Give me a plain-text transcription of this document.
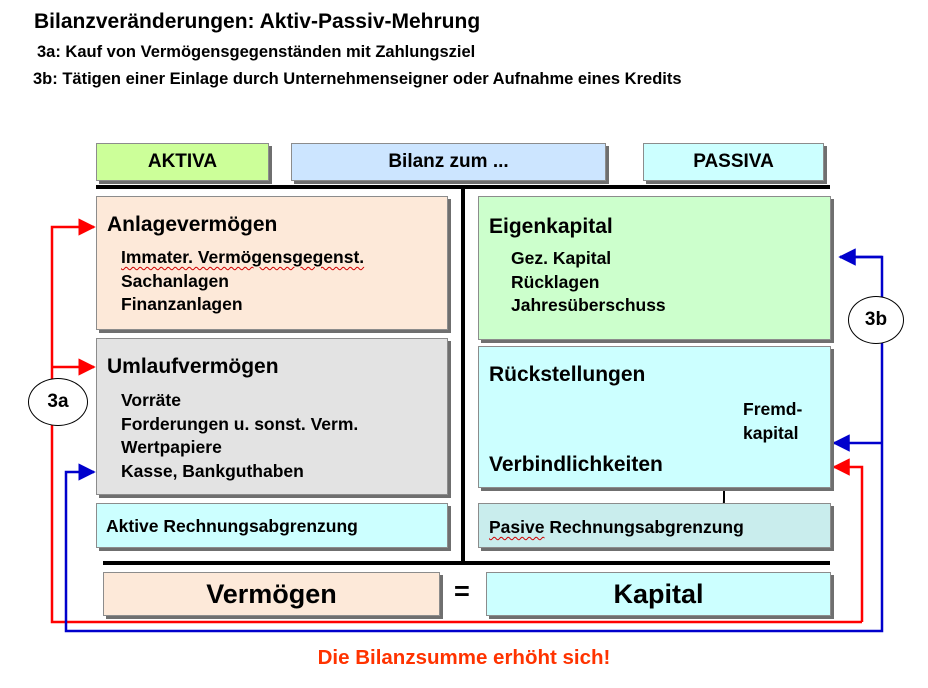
Bilanzveränderungen: Aktiv-Passiv-Mehrung
3a: Kauf von Vermögensgegenständen mit Zahlungsziel
3b: Tätigen einer Einlage durch Unternehmenseigner oder Aufnahme eines Kredits
AKTIVA	Bilanz zum ...	PASSIVA
Anlagevermögen
Immater. Vermögensgegenst.
Sachanlagen
Finanzanlagen
Umlaufvermögen
Vorräte
Forderungen u. sonst. Verm.
Wertpapiere
Kasse, Bankguthaben
Aktive Rechnungsabgrenzung
Eigenkapital
Gez. Kapital
Rücklagen
Jahresüberschuss
Rückstellungen
Verbindlichkeiten
Fremd-
kapital
Pasive Rechnungsabgrenzung
Vermögen	=	Kapital
3a
3b
Die Bilanzsumme erhöht sich!
